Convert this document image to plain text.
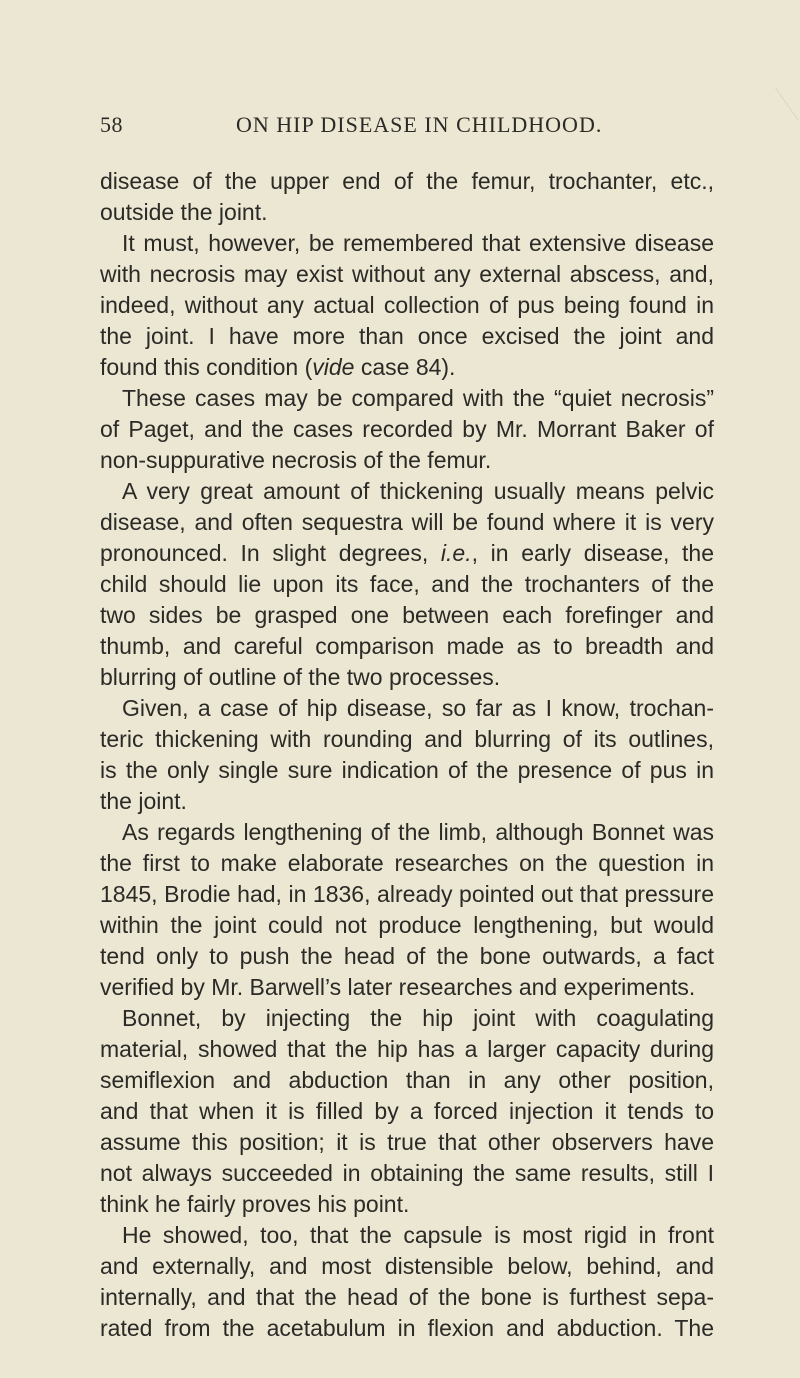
58	ON HIP DISEASE IN CHILDHOOD.
disease of the upper end of the femur, trochanter, etc.,
outside the joint.
It must, however, be remembered that extensive disease
with necrosis may exist without any external abscess, and,
indeed, without any actual collection of pus being found in
the joint. I have more than once excised the joint and
found this condition (vide case 84).
These cases may be compared with the “quiet necrosis”
of Paget, and the cases recorded by Mr. Morrant Baker of
non-suppurative necrosis of the femur.
A very great amount of thickening usually means pelvic
disease, and often sequestra will be found where it is very
pronounced. In slight degrees, i.e., in early disease, the
child should lie upon its face, and the trochanters of the
two sides be grasped one between each forefinger and
thumb, and careful comparison made as to breadth and
blurring of outline of the two processes.
Given, a case of hip disease, so far as I know, trochan-
teric thickening with rounding and blurring of its outlines,
is the only single sure indication of the presence of pus in
the joint.
As regards lengthening of the limb, although Bonnet was
the first to make elaborate researches on the question in
1845, Brodie had, in 1836, already pointed out that pressure
within the joint could not produce lengthening, but would
tend only to push the head of the bone outwards, a fact
verified by Mr. Barwell’s later researches and experiments.
Bonnet, by injecting the hip joint with coagulating
material, showed that the hip has a larger capacity during
semiflexion and abduction than in any other position,
and that when it is filled by a forced injection it tends to
assume this position; it is true that other observers have
not always succeeded in obtaining the same results, still I
think he fairly proves his point.
He showed, too, that the capsule is most rigid in front
and externally, and most distensible below, behind, and
internally, and that the head of the bone is furthest sepa-
rated from the acetabulum in flexion and abduction. The
